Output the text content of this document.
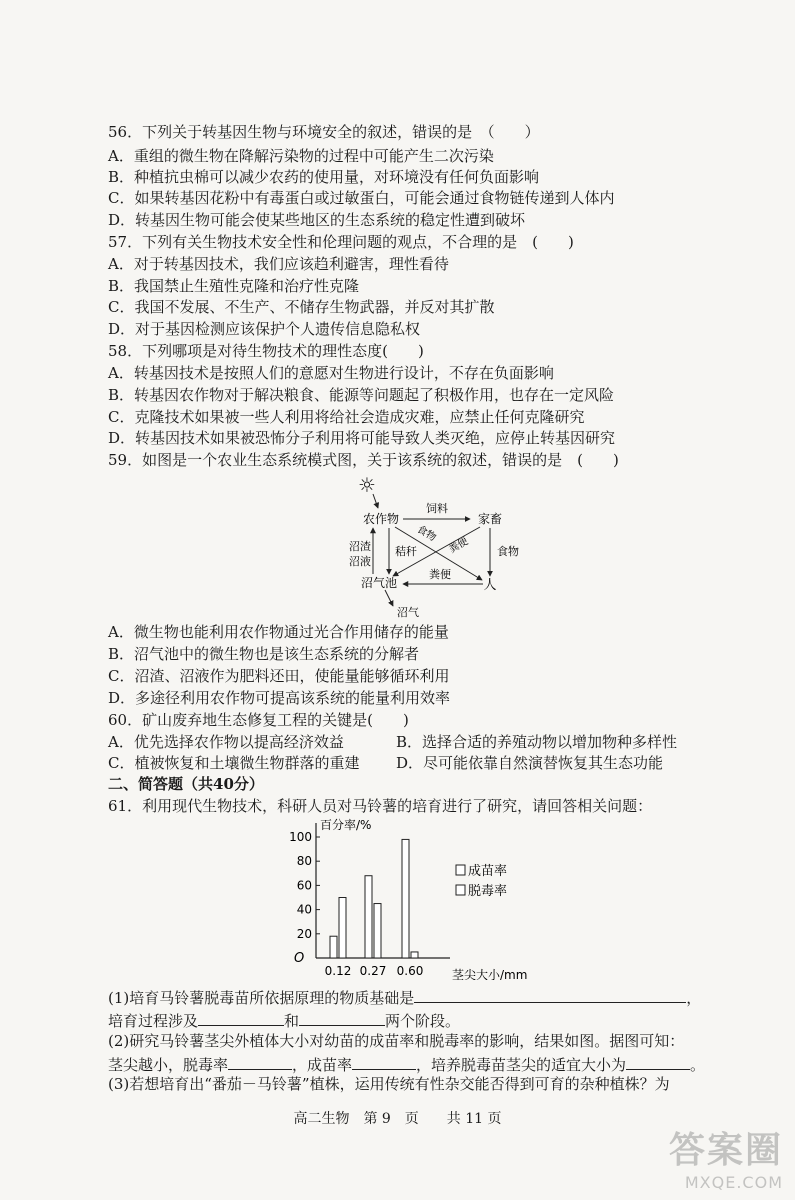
56．下列关于转基因生物与环境安全的叙述，错误的是　（　　）
A．重组的微生物在降解污染物的过程中可能产生二次污染
B．种植抗虫棉可以减少农药的使用量，对环境没有任何负面影响
C．如果转基因花粉中有毒蛋白或过敏蛋白，可能会通过食物链传递到人体内
D．转基因生物可能会使某些地区的生态系统的稳定性遭到破坏
57．下列有关生物技术安全性和伦理问题的观点，不合理的是　(　　)
A．对于转基因技术，我们应该趋利避害，理性看待
B．我国禁止生殖性克隆和治疗性克隆
C．我国不发展、不生产、不储存生物武器，并反对其扩散
D．对于基因检测应该保护个人遗传信息隐私权
58．下列哪项是对待生物技术的理性态度(　　)
A．转基因技术是按照人们的意愿对生物进行设计，不存在负面影响
B．转基因农作物对于解决粮食、能源等问题起了积极作用，也存在一定风险
C．克隆技术如果被一些人利用将给社会造成灾难，应禁止任何克隆研究
D．转基因技术如果被恐怖分子利用将可能导致人类灭绝，应停止转基因研究
59．如图是一个农业生态系统模式图，关于该系统的叙述，错误的是　(　　)
☼
农作物	家畜
沼气池	人
饲料
食物
粪便 食物
粪便
秸秆
沼渣
沼液
沼气
A．微生物也能利用农作物通过光合作用储存的能量
B．沼气池中的微生物也是该生态系统的分解者
C．沼渣、沼液作为肥料还田，使能量能够循环利用
D．多途径利用农作物可提高该系统的能量利用效率
60．矿山废弃地生态修复工程的关键是(　　)
A．优先选择农作物以提高经济效益	B．选择合适的养殖动物以增加物种多样性
C．植被恢复和土壤微生物群落的重建 D．尽可能依靠自然演替恢复其生态功能
二、简答题（共40分）
61．利用现代生物技术，科研人员对马铃薯的培育进行了研究，请回答相关问题：
百分率/%
O
茎尖大小/mm
20
40
60
80
100
0.12 0.27 0.60
成苗率
脱毒率
(1)培育马铃薯脱毒苗所依据原理的物质基础是	，
培育过程涉及	和	两个阶段。
(2)研究马铃薯茎尖外植体大小对幼苗的成苗率和脱毒率的影响，结果如图。据图可知：
茎尖越小，脱毒率	，成苗率	，培养脱毒苗茎尖的适宜大小为	。
(3)若想培育出“番茄－马铃薯”植株，运用传统有性杂交能否得到可育的杂种植株？为
高二生物　第 9　页　　共 11 页
答案圈
MXQE.COM
